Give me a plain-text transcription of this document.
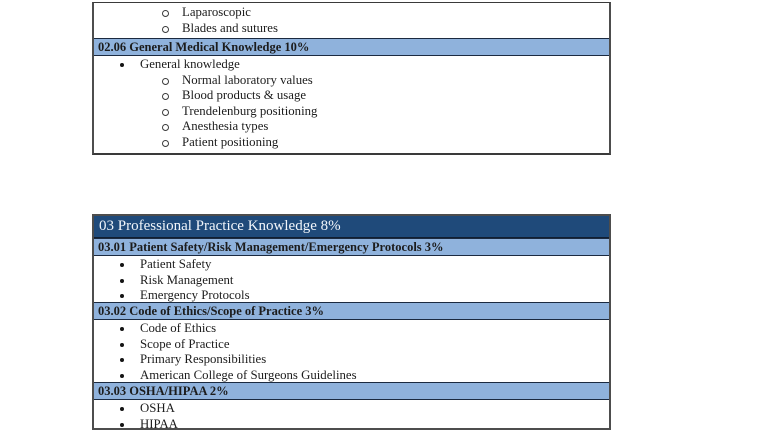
Laparoscopic
Blades and sutures
02.06 General Medical Knowledge 10%
General knowledge
Normal laboratory values
Blood products & usage
Trendelenburg positioning
Anesthesia types
Patient positioning
03 Professional Practice Knowledge 8%
03.01 Patient Safety/Risk Management/Emergency Protocols 3%
Patient Safety
Risk Management
Emergency Protocols
03.02 Code of Ethics/Scope of Practice 3%
Code of Ethics
Scope of Practice
Primary Responsibilities
American College of Surgeons Guidelines
03.03 OSHA/HIPAA 2%
OSHA
HIPAA
